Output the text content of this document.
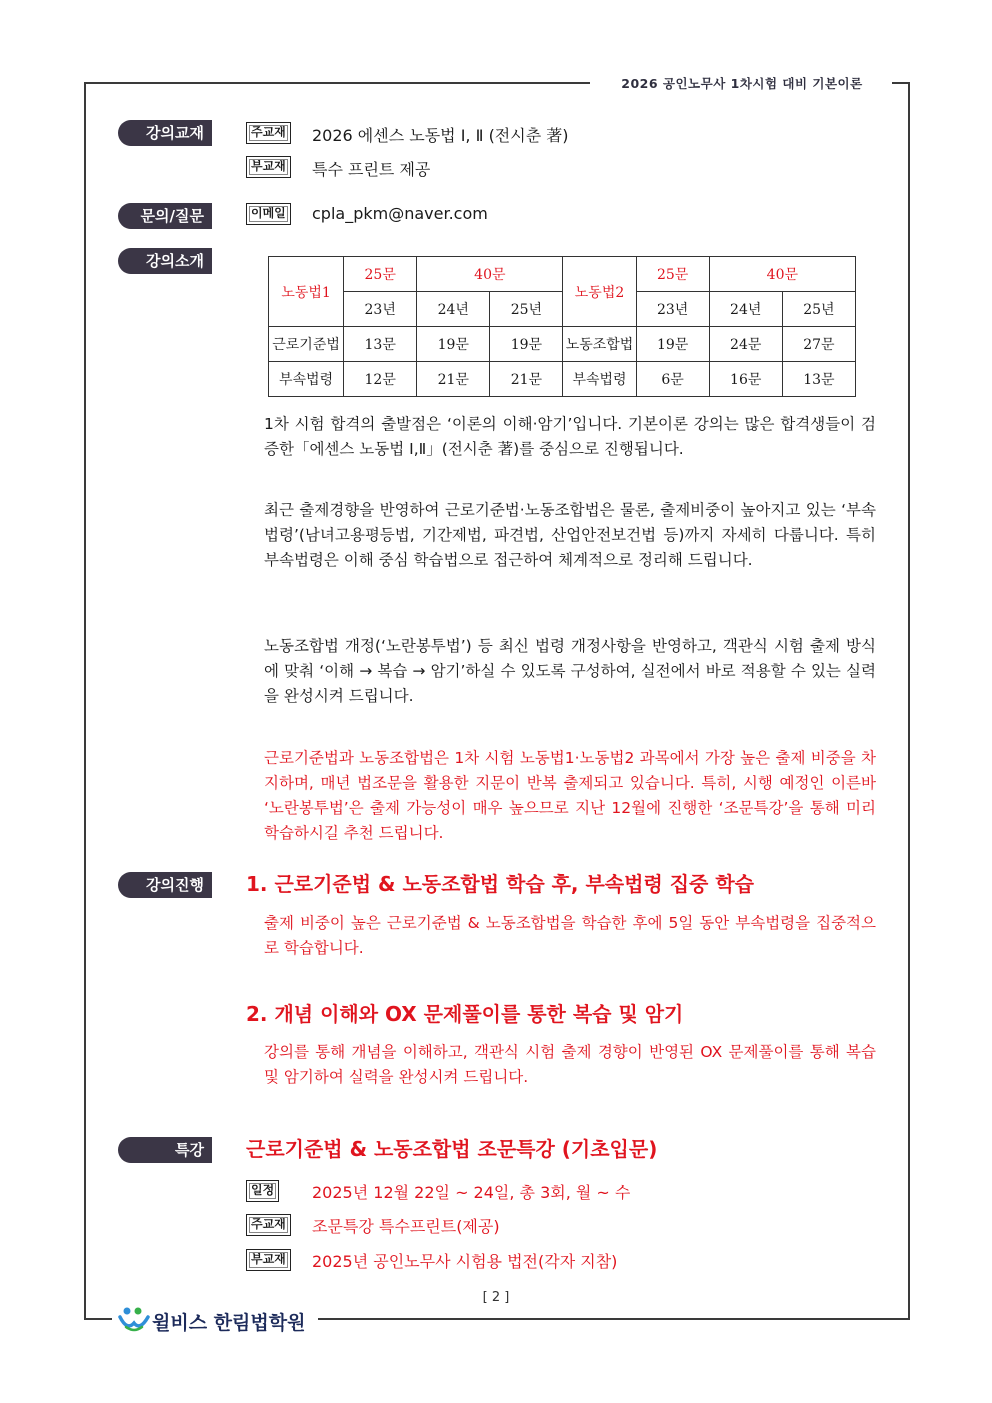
2026 공인노무사 1차시험 대비 기본이론
강의교재	주교재	2026 에센스 노동법 Ⅰ, Ⅱ (전시춘 著)
부교재	특수 프린트 제공
문의/질문	이메일	cpla_pkm@naver.com
강의소개
노동법1	25문	40문		노동법2	25문	40문	
	23년	24년	25년		23년	24년	25년
근로기준법	13문	19문	19문	노동조합법	19문	24문	27문
부속법령	12문	21문	21문	부속법령	6문	16문	13문
1차 시험 합격의 출발점은 ‘이론의 이해·암기’입니다. 기본이론 강의는 많은 합격생들이 검증한「에센스 노동법 Ⅰ,Ⅱ」(전시춘 著)를 중심으로 진행됩니다.
최근 출제경향을 반영하여 근로기준법·노동조합법은 물론, 출제비중이 높아지고 있는 ‘부속법령’(남녀고용평등법, 기간제법, 파견법, 산업안전보건법 등)까지 자세히 다룹니다. 특히 부속법령은 이해 중심 학습법으로 접근하여 체계적으로 정리해 드립니다.
노동조합법 개정(‘노란봉투법’) 등 최신 법령 개정사항을 반영하고, 객관식 시험 출제 방식에 맞춰 ‘이해 → 복습 → 암기’하실 수 있도록 구성하여, 실전에서 바로 적용할 수 있는 실력을 완성시켜 드립니다.
근로기준법과 노동조합법은 1차 시험 노동법1·노동법2 과목에서 가장 높은 출제 비중을 차지하며, 매년 법조문을 활용한 지문이 반복 출제되고 있습니다. 특히, 시행 예정인 이른바 ‘노란봉투법’은 출제 가능성이 매우 높으므로 지난 12월에 진행한 ‘조문특강’을 통해 미리 학습하시길 추천 드립니다.
강의진행	1. 근로기준법 & 노동조합법 학습 후, 부속법령 집중 학습
출제 비중이 높은 근로기준법 & 노동조합법을 학습한 후에 5일 동안 부속법령을 집중적으로 학습합니다.
2. 개념 이해와 OX 문제풀이를 통한 복습 및 암기
강의를 통해 개념을 이해하고, 객관식 시험 출제 경향이 반영된 OX 문제풀이를 통해 복습 및 암기하여 실력을 완성시켜 드립니다.
특강	근로기준법 & 노동조합법 조문특강 (기초입문)
일정	2025년 12월 22일 ~ 24일, 총 3회, 월 ~ 수
주교재	조문특강 특수프린트(제공)
부교재	2025년 공인노무사 시험용 법전(각자 지참)
[ 2 ]
윌비스 한림법학원
